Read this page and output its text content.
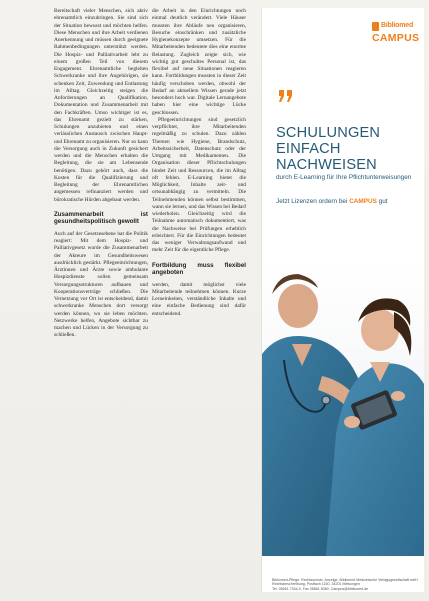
Bereitschaft vieler Menschen, sich aktiv ehrenamtlich einzubringen. Sie sind sich der Situation bewusst und möchten helfen. Diese Menschen und ihre Arbeit verdienen Anerkennung und müssen durch geeignete Rahmenbedingungen unterstützt werden. Die Hospiz- und Palliativarbeit lebt zu einem großen Teil von diesem Engagement. Ehrenamtliche begleiten Schwerkranke und ihre Angehörigen, sie schenken Zeit, Zuwendung und Entlastung im Alltag. Gleichzeitig steigen die Anforderungen an Qualifikation, Dokumentation und Zusammenarbeit mit den Fachkräften. Umso wichtiger ist es, das Ehrenamt gezielt zu stärken, Schulungen anzubieten und einen verlässlichen Austausch zwischen Haupt- und Ehrenamt zu organisieren. Nur so kann die Versorgung auch in Zukunft gesichert werden und die Menschen erhalten die Begleitung, die sie am Lebensende benötigen. Dazu gehört auch, dass die Kosten für die Qualifizierung und Begleitung der Ehrenamtlichen angemessen refinanziert werden und bürokratische Hürden abgebaut werden.

Zusammenarbeit ist gesundheitspolitisch gewollt

Auch auf der Gesetzesebene hat die Politik reagiert: Mit dem Hospiz- und Palliativgesetz wurde die Zusammenarbeit der Akteure im Gesundheitswesen ausdrücklich gestärkt. Pflegeeinrichtungen, Ärztinnen und Ärzte sowie ambulante Hospizdienste sollen gemeinsam Versorgungsstrukturen aufbauen und Kooperationsverträge schließen. Die Vernetzung vor Ort ist entscheidend, damit schwerkranke Menschen dort versorgt werden können, wo sie leben möchten. Netzwerke helfen, Angebote sichtbar zu machen und Lücken in der Versorgung zu schließen.

die Arbeit in den Einrichtungen noch einmal deutlich verändert. Viele Häuser mussten ihre Abläufe neu organisieren, Besuche einschränken und zusätzliche Hygienekonzepte umsetzen. Für die Mitarbeitenden bedeutete dies eine enorme Belastung. Zugleich zeigte sich, wie wichtig gut geschultes Personal ist, das flexibel auf neue Situationen reagieren kann. Fortbildungen mussten in dieser Zeit häufig verschoben werden, obwohl der Bedarf an aktuellem Wissen gerade jetzt besonders hoch war. Digitale Lernangebote haben hier eine wichtige Lücke geschlossen.

Pflegeeinrichtungen sind gesetzlich verpflichtet, ihre Mitarbeitenden regelmäßig zu schulen. Dazu zählen Themen wie Hygiene, Brandschutz, Arbeitssicherheit, Datenschutz oder der Umgang mit Medikamenten. Die Organisation dieser Pflichtschulungen bindet Zeit und Ressourcen, die im Alltag oft fehlen. E-Learning bietet die Möglichkeit, Inhalte zeit- und ortsunabhängig zu vermitteln. Die Teilnehmenden können selbst bestimmen, wann sie lernen, und das Wissen bei Bedarf wiederholen. Gleichzeitig wird die Teilnahme automatisch dokumentiert, was die Nachweise bei Prüfungen erheblich erleichtert. Für die Einrichtungen bedeutet das weniger Verwaltungsaufwand und mehr Zeit für die eigentliche Pflege.

Fortbildung muss flexibel angeboten

werden, damit möglichst viele Mitarbeitende teilnehmen können. Kurze Lerneinheiten, verständliche Inhalte und eine einfache Bedienung sind dafür entscheidend.

Bibliomed
CAMPUS
SCHULUNGEN
EINFACH
NACHWEISEN
durch E-Learning für Ihre Pflichtunterweisungen
Jetzt Lizenzen ordern bei CAMPUS gut
Bibliomed-Pflege, Rechtsschutz, Anzeige, Bibliomed Medizinische Verlagsgesellschaft mbH
Rechtsbeschreibung, Postfach 1150, 34201 Melsungen
Tel. 05661 7344-0, Fax 05661 8360, Campus@bibliomed.de
